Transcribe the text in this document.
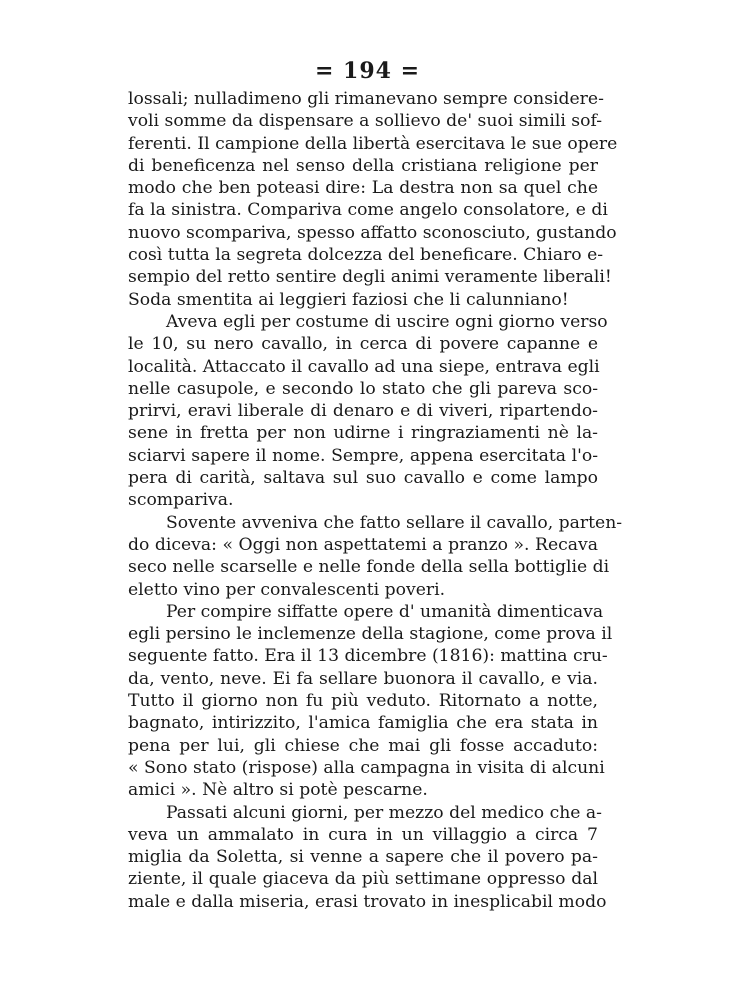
= 194 =
lossali; nulladimeno gli rimanevano sempre considere-
voli somme da dispensare a sollievo de' suoi simili sof-
ferenti. Il campione della libertà esercitava le sue opere
di beneficenza nel senso della cristiana religione per
modo che ben poteasi dire: La destra non sa quel che
fa la sinistra. Compariva come angelo consolatore, e di
nuovo scompariva, spesso affatto sconosciuto, gustando
così tutta la segreta dolcezza del beneficare. Chiaro e-
sempio del retto sentire degli animi veramente liberali!
Soda smentita ai leggieri faziosi che li calunniano!
Aveva egli per costume di uscire ogni giorno verso
le 10, su nero cavallo, in cerca di povere capanne e
località. Attaccato il cavallo ad una siepe, entrava egli
nelle casupole, e secondo lo stato che gli pareva sco-
prirvi, eravi liberale di denaro e di viveri, ripartendo-
sene in fretta per non udirne i ringraziamenti nè la-
sciarvi sapere il nome. Sempre, appena esercitata l'o-
pera di carità, saltava sul suo cavallo e come lampo
scompariva.
Sovente avveniva che fatto sellare il cavallo, parten-
do diceva: « Oggi non aspettatemi a pranzo ». Recava
seco nelle scarselle e nelle fonde della sella bottiglie di
eletto vino per convalescenti poveri.
Per compire siffatte opere d' umanità dimenticava
egli persino le inclemenze della stagione, come prova il
seguente fatto. Era il 13 dicembre (1816): mattina cru-
da, vento, neve. Ei fa sellare buonora il cavallo, e via.
Tutto il giorno non fu più veduto. Ritornato a notte,
bagnato, intirizzito, l'amica famiglia che era stata in
pena per lui, gli chiese che mai gli fosse accaduto:
« Sono stato (rispose) alla campagna in visita di alcuni
amici ». Nè altro si potè pescarne.
Passati alcuni giorni, per mezzo del medico che a-
veva un ammalato in cura in un villaggio a circa 7
miglia da Soletta, si venne a sapere che il povero pa-
ziente, il quale giaceva da più settimane oppresso dal
male e dalla miseria, erasi trovato in inesplicabil modo
